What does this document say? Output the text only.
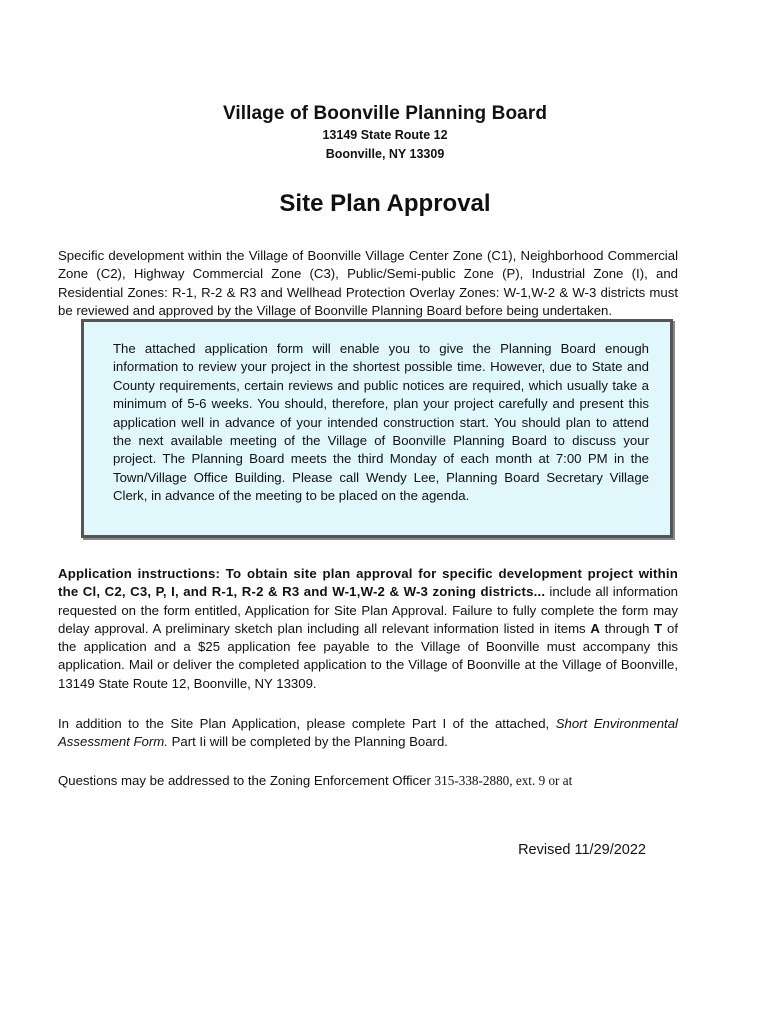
Village of Boonville Planning Board
13149 State Route 12
Boonville, NY 13309
Site Plan Approval
Specific development within the Village of Boonville Village Center Zone (C1), Neighborhood Commercial Zone (C2), Highway Commercial Zone (C3), Public/Semi-public Zone (P), Industrial Zone (I), and Residential Zones: R-1, R-2 & R3 and Wellhead Protection Overlay Zones: W-1,W-2 & W-3 districts must be reviewed and approved by the Village of Boonville Planning Board before being undertaken.
The attached application form will enable you to give the Planning Board enough information to review your project in the shortest possible time. However, due to State and County requirements, certain reviews and public notices are required, which usually take a minimum of 5-6 weeks. You should, therefore, plan your project carefully and present this application well in advance of your intended construction start. You should plan to attend the next available meeting of the Village of Boonville Planning Board to discuss your project. The Planning Board meets the third Monday of each month at 7:00 PM in the Town/Village Office Building. Please call Wendy Lee, Planning Board Secretary Village Clerk, in advance of the meeting to be placed on the agenda.
Application instructions: To obtain site plan approval for specific development project within the Cl, C2, C3, P, I, and R-1, R-2 & R3 and W-1,W-2 & W-3 zoning districts... include all information requested on the form entitled, Application for Site Plan Approval. Failure to fully complete the form may delay approval. A preliminary sketch plan including all relevant information listed in items A through T of the application and a $25 application fee payable to the Village of Boonville must accompany this application. Mail or deliver the completed application to the Village of Boonville at the Village of Boonville, 13149 State Route 12, Boonville, NY 13309.
In addition to the Site Plan Application, please complete Part I of the attached, Short Environmental Assessment Form. Part Ii will be completed by the Planning Board.
Questions may be addressed to the Zoning Enforcement Officer 315-338-2880, ext. 9 or at
Revised 11/29/2022
